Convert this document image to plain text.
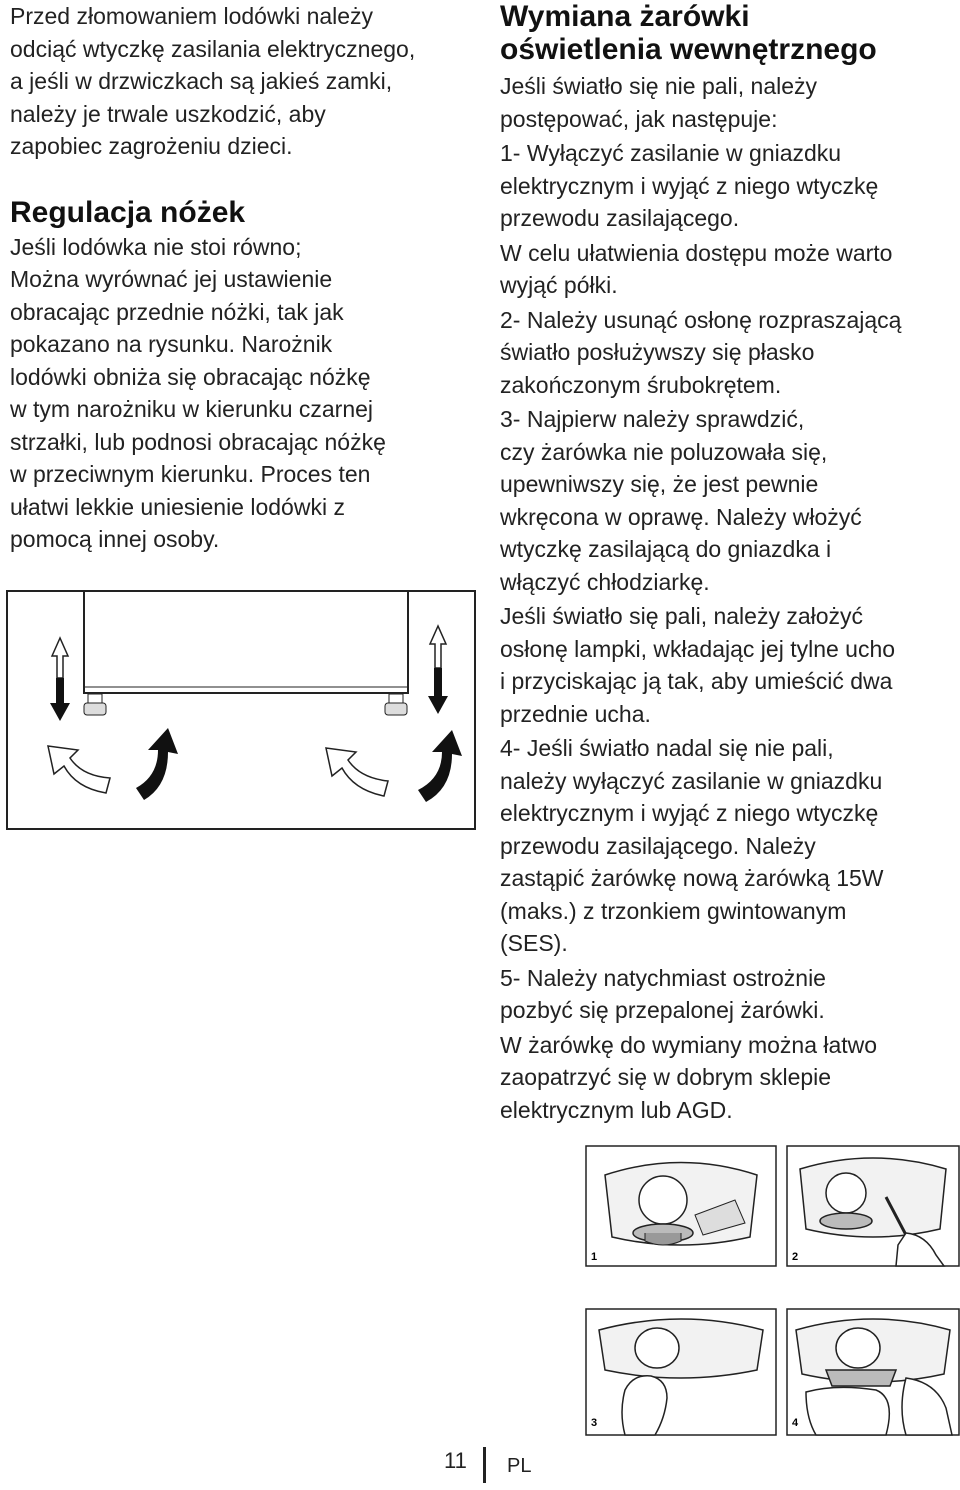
Przed złomowaniem lodówki należy
odciąć wtyczkę zasilania elektrycznego,
a jeśli w drzwiczkach są jakieś zamki,
należy je trwale uszkodzić, aby
zapobiec zagrożeniu dzieci.

Regulacja nóżek

Jeśli lodówka nie stoi równo;
Można wyrównać jej ustawienie
obracając przednie nóżki, tak jak
pokazano na rysunku. Narożnik
lodówki obniża się obracając nóżkę
w tym narożniku w kierunku czarnej
strzałki, lub podnosi obracając nóżkę
w przeciwnym kierunku. Proces ten
ułatwi lekkie uniesienie lodówki z
pomocą innej osoby.

Wymiana żarówki
oświetlenia wewnętrznego

Jeśli światło się nie pali, należy
postępować, jak następuje:

1- Wyłączyć zasilanie w gniazdku
elektrycznym i wyjąć z niego wtyczkę
przewodu zasilającego.

W celu ułatwienia dostępu może warto
wyjąć półki.

2- Należy usunąć osłonę rozpraszającą
światło posłużywszy się płasko
zakończonym śrubokrętem.

3- Najpierw należy sprawdzić,
czy żarówka nie poluzowała się,
upewniwszy się, że jest pewnie
wkręcona w oprawę. Należy włożyć
wtyczkę zasilającą do gniazdka i
włączyć chłodziarkę.

Jeśli światło się pali, należy założyć
osłonę lampki, wkładając jej tylne ucho
i przyciskając ją tak, aby umieścić dwa
przednie ucha.

4- Jeśli światło nadal się nie pali,
należy wyłączyć zasilanie w gniazdku
elektrycznym i wyjąć z niego wtyczkę
przewodu zasilającego. Należy
zastąpić żarówkę nową żarówką 15W
(maks.) z trzonkiem gwintowanym
(SES).

5- Należy natychmiast ostrożnie
pozbyć się przepalonej żarówki.

W żarówkę do wymiany można łatwo
zaopatrzyć się w dobrym sklepie
elektrycznym lub AGD.

1	2
3	4
11 PL
